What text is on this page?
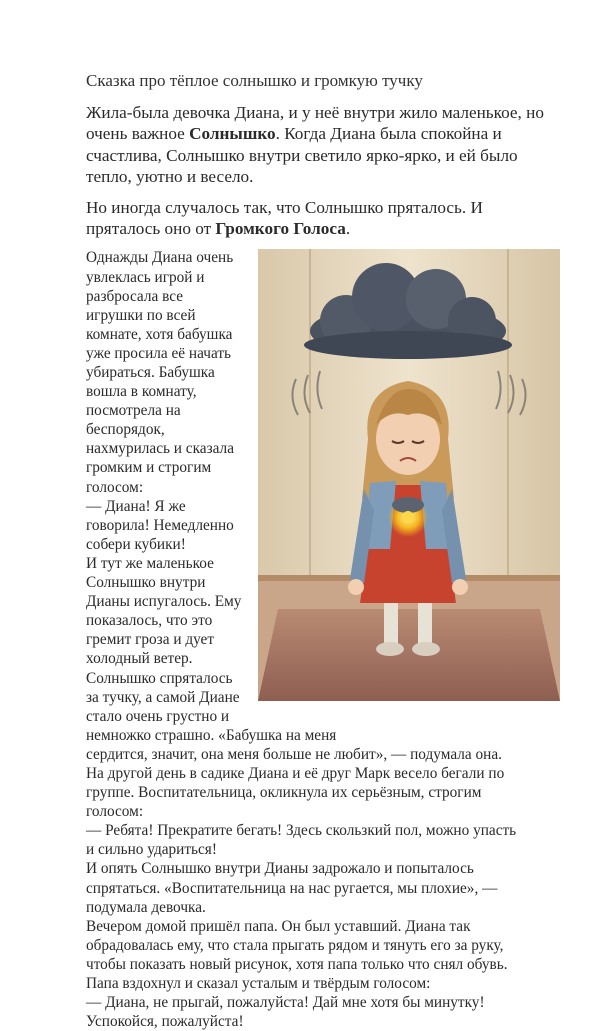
Сказка про тёплое солнышко и громкую тучку

Жила-была девочка Диана, и у неё внутри жило маленькое, но очень важное Солнышко. Когда Диана была спокойна и счастлива, Солнышко внутри светило ярко-ярко, и ей было тепло, уютно и весело.

Но иногда случалось так, что Солнышко пряталось. И пряталось оно от Громкого Голоса.

Однажды Диана очень
увлеклась игрой и
разбросала все
игрушки по всей
комнате, хотя бабушка
уже просила её начать
убираться. Бабушка
вошла в комнату,
посмотрела на
беспорядок,
нахмурилась и сказала
громким и строгим
голосом:
— Диана! Я же
говорила! Немедленно
собери кубики!
И тут же маленькое
Солнышко внутри
Дианы испугалось. Ему
показалось, что это
гремит гроза и дует
холодный ветер.
Солнышко спряталось
за тучку, а самой Диане
стало очень грустно и немножко страшно. «Бабушка на меня
сердится, значит, она меня больше не любит», — подумала она.
На другой день в садике Диана и её друг Марк весело бегали по
группе. Воспитательница, окликнула их серьёзным, строгим
голосом:
— Ребята! Прекратите бегать! Здесь скользкий пол, можно упасть
и сильно удариться!
И опять Солнышко внутри Дианы задрожало и попыталось
спрятаться. «Воспитательница на нас ругается, мы плохие», —
подумала девочка.
Вечером домой пришёл папа. Он был уставший. Диана так
обрадовалась ему, что стала прыгать рядом и тянуть его за руку,
чтобы показать новый рисунок, хотя папа только что снял обувь.
Папа вздохнул и сказал усталым и твёрдым голосом:
— Диана, не прыгай, пожалуйста! Дай мне хотя бы минутку! Успокойся, пожалуйста!
